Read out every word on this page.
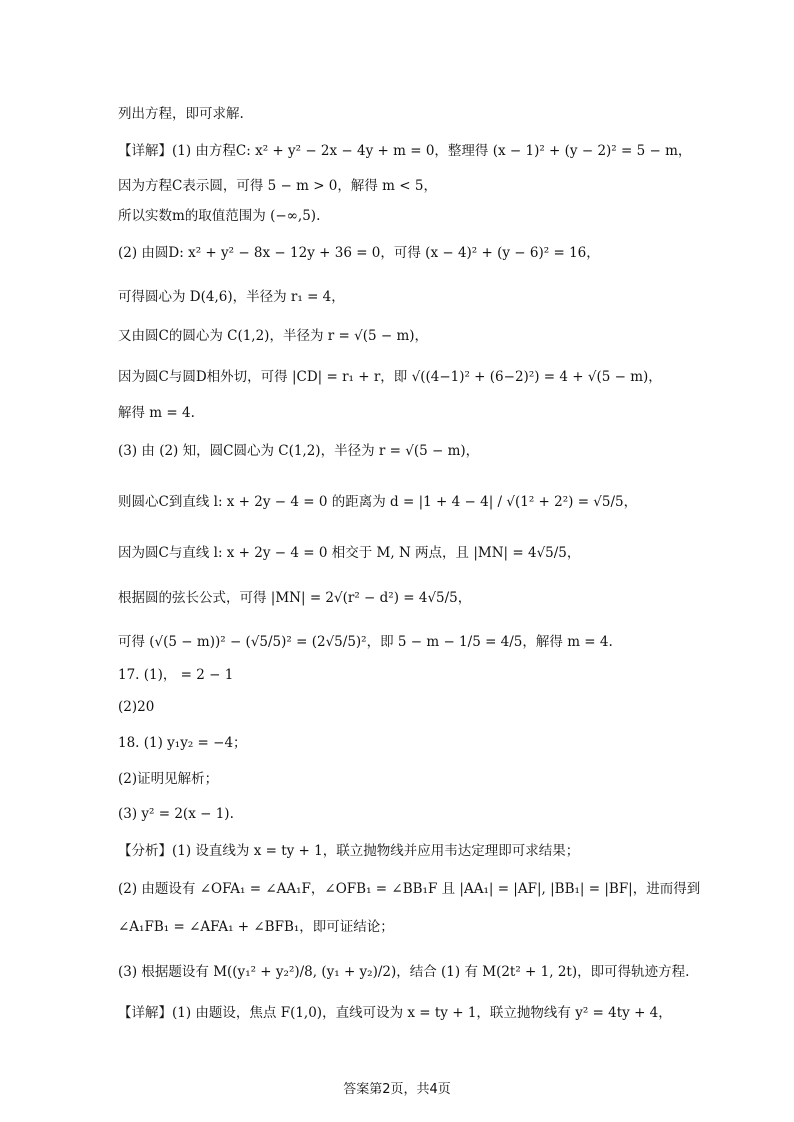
列出方程，即可求解.
【详解】(1) 由方程C: x² + y² − 2x − 4y + m = 0，整理得 (x − 1)² + (y − 2)² = 5 − m，
因为方程C表示圆，可得 5 − m > 0，解得 m < 5，
所以实数m的取值范围为 (−∞,5).
(2) 由圆D: x² + y² − 8x − 12y + 36 = 0，可得 (x − 4)² + (y − 6)² = 16，
可得圆心为 D(4,6)，半径为 r₁ = 4，
又由圆C的圆心为 C(1,2)，半径为 r = √(5 − m)，
因为圆C与圆D相外切，可得 |CD| = r₁ + r，即 √((4−1)² + (6−2)²) = 4 + √(5 − m)，
解得 m = 4.
(3) 由 (2) 知，圆C圆心为 C(1,2)，半径为 r = √(5 − m)，
则圆心C到直线 l: x + 2y − 4 = 0 的距离为 d = |1 + 4 − 4| / √(1² + 2²) = √5/5，
因为圆C与直线 l: x + 2y − 4 = 0 相交于 M, N 两点，且 |MN| = 4√5/5，
根据圆的弦长公式，可得 |MN| = 2√(r² − d²) = 4√5/5，
可得 (√(5 − m))² − (√5/5)² = (2√5/5)²，即 5 − m − 1/5 = 4/5，解得 m = 4.
17. (1)， = 2 − 1
(2)20
18. (1) y₁y₂ = −4；
(2)证明见解析；
(3) y² = 2(x − 1).
【分析】(1) 设直线为 x = ty + 1，联立抛物线并应用韦达定理即可求结果；
(2) 由题设有 ∠OFA₁ = ∠AA₁F，∠OFB₁ = ∠BB₁F 且 |AA₁| = |AF|, |BB₁| = |BF|，进而得到
∠A₁FB₁ = ∠AFA₁ + ∠BFB₁，即可证结论；
(3) 根据题设有 M((y₁² + y₂²)/8, (y₁ + y₂)/2)，结合 (1) 有 M(2t² + 1, 2t)，即可得轨迹方程.
【详解】(1) 由题设，焦点 F(1,0)，直线可设为 x = ty + 1，联立抛物线有 y² = 4ty + 4，
答案第2页，共4页
